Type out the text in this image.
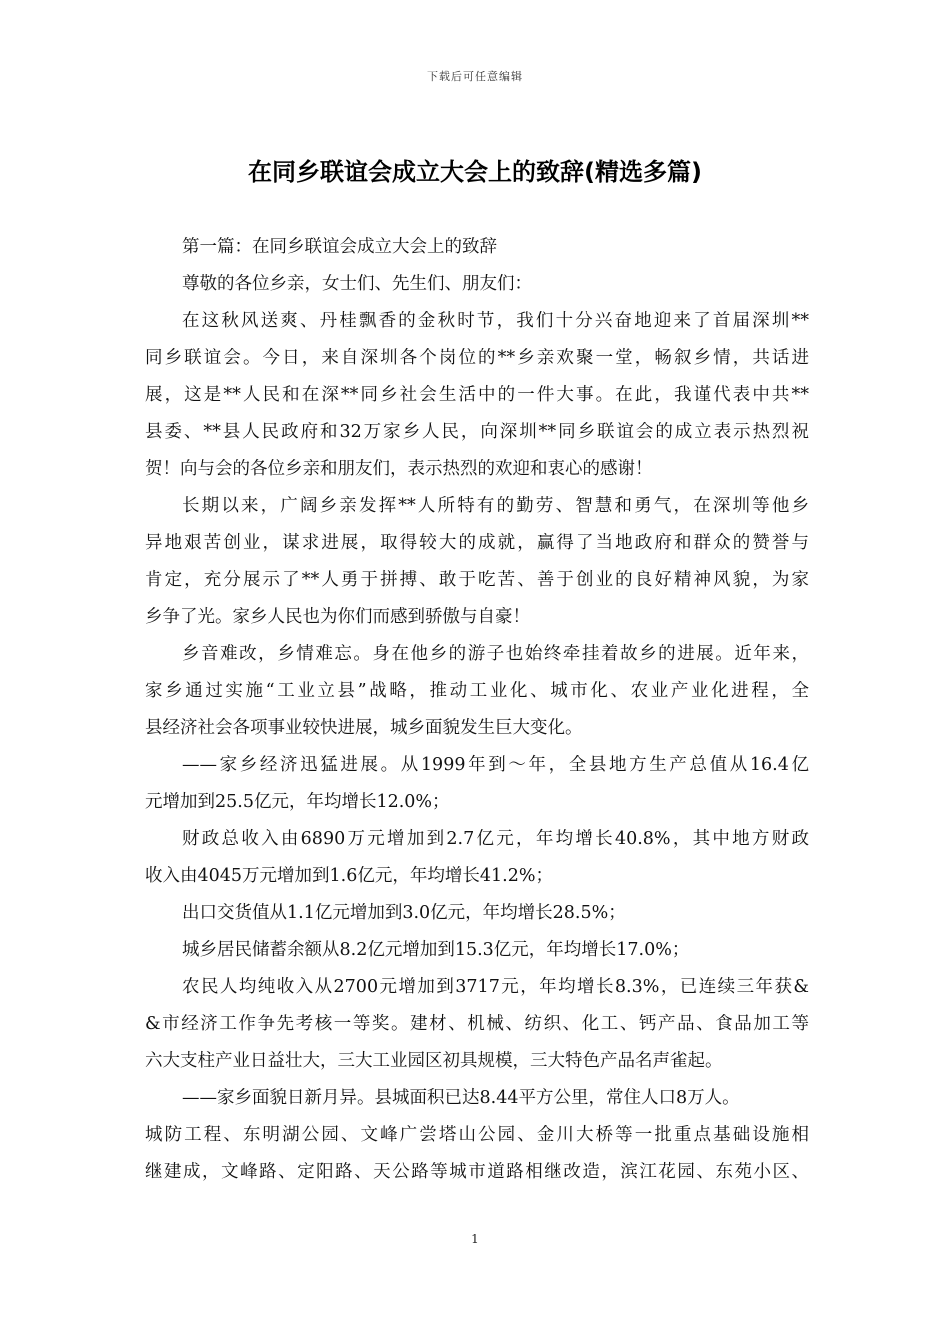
下载后可任意编辑
在同乡联谊会成立大会上的致辞(精选多篇)
第一篇：在同乡联谊会成立大会上的致辞
尊敬的各位乡亲，女士们、先生们、朋友们：
在这秋风送爽、丹桂飘香的金秋时节，我们十分兴奋地迎来了首届深圳**
同乡联谊会。今日，来自深圳各个岗位的**乡亲欢聚一堂，畅叙乡情，共话进
展，这是**人民和在深**同乡社会生活中的一件大事。在此，我谨代表中共**
县委、**县人民政府和32万家乡人民，向深圳**同乡联谊会的成立表示热烈祝
贺！向与会的各位乡亲和朋友们，表示热烈的欢迎和衷心的感谢！
长期以来，广阔乡亲发挥**人所特有的勤劳、智慧和勇气，在深圳等他乡
异地艰苦创业，谋求进展，取得较大的成就，赢得了当地政府和群众的赞誉与
肯定，充分展示了**人勇于拼搏、敢于吃苦、善于创业的良好精神风貌，为家
乡争了光。家乡人民也为你们而感到骄傲与自豪！
乡音难改，乡情难忘。身在他乡的游子也始终牵挂着故乡的进展。近年来，
家乡通过实施“工业立县”战略，推动工业化、城市化、农业产业化进程，全
县经济社会各项事业较快进展，城乡面貌发生巨大变化。
——家乡经济迅猛进展。从1999年到～年，全县地方生产总值从16.4亿
元增加到25.5亿元，年均增长12.0%；
财政总收入由6890万元增加到2.7亿元，年均增长40.8%，其中地方财政
收入由4045万元增加到1.6亿元，年均增长41.2%；
出口交货值从1.1亿元增加到3.0亿元，年均增长28.5%；
城乡居民储蓄余额从8.2亿元增加到15.3亿元，年均增长17.0%；
农民人均纯收入从2700元增加到3717元，年均增长8.3%，已连续三年获&
&市经济工作争先考核一等奖。建材、机械、纺织、化工、钙产品、食品加工等
六大支柱产业日益壮大，三大工业园区初具规模，三大特色产品名声雀起。
——家乡面貌日新月异。县城面积已达8.44平方公里，常住人口8万人。
城防工程、东明湖公园、文峰广尝塔山公园、金川大桥等一批重点基础设施相
继建成，文峰路、定阳路、天公路等城市道路相继改造，滨江花园、东苑小区、
1
